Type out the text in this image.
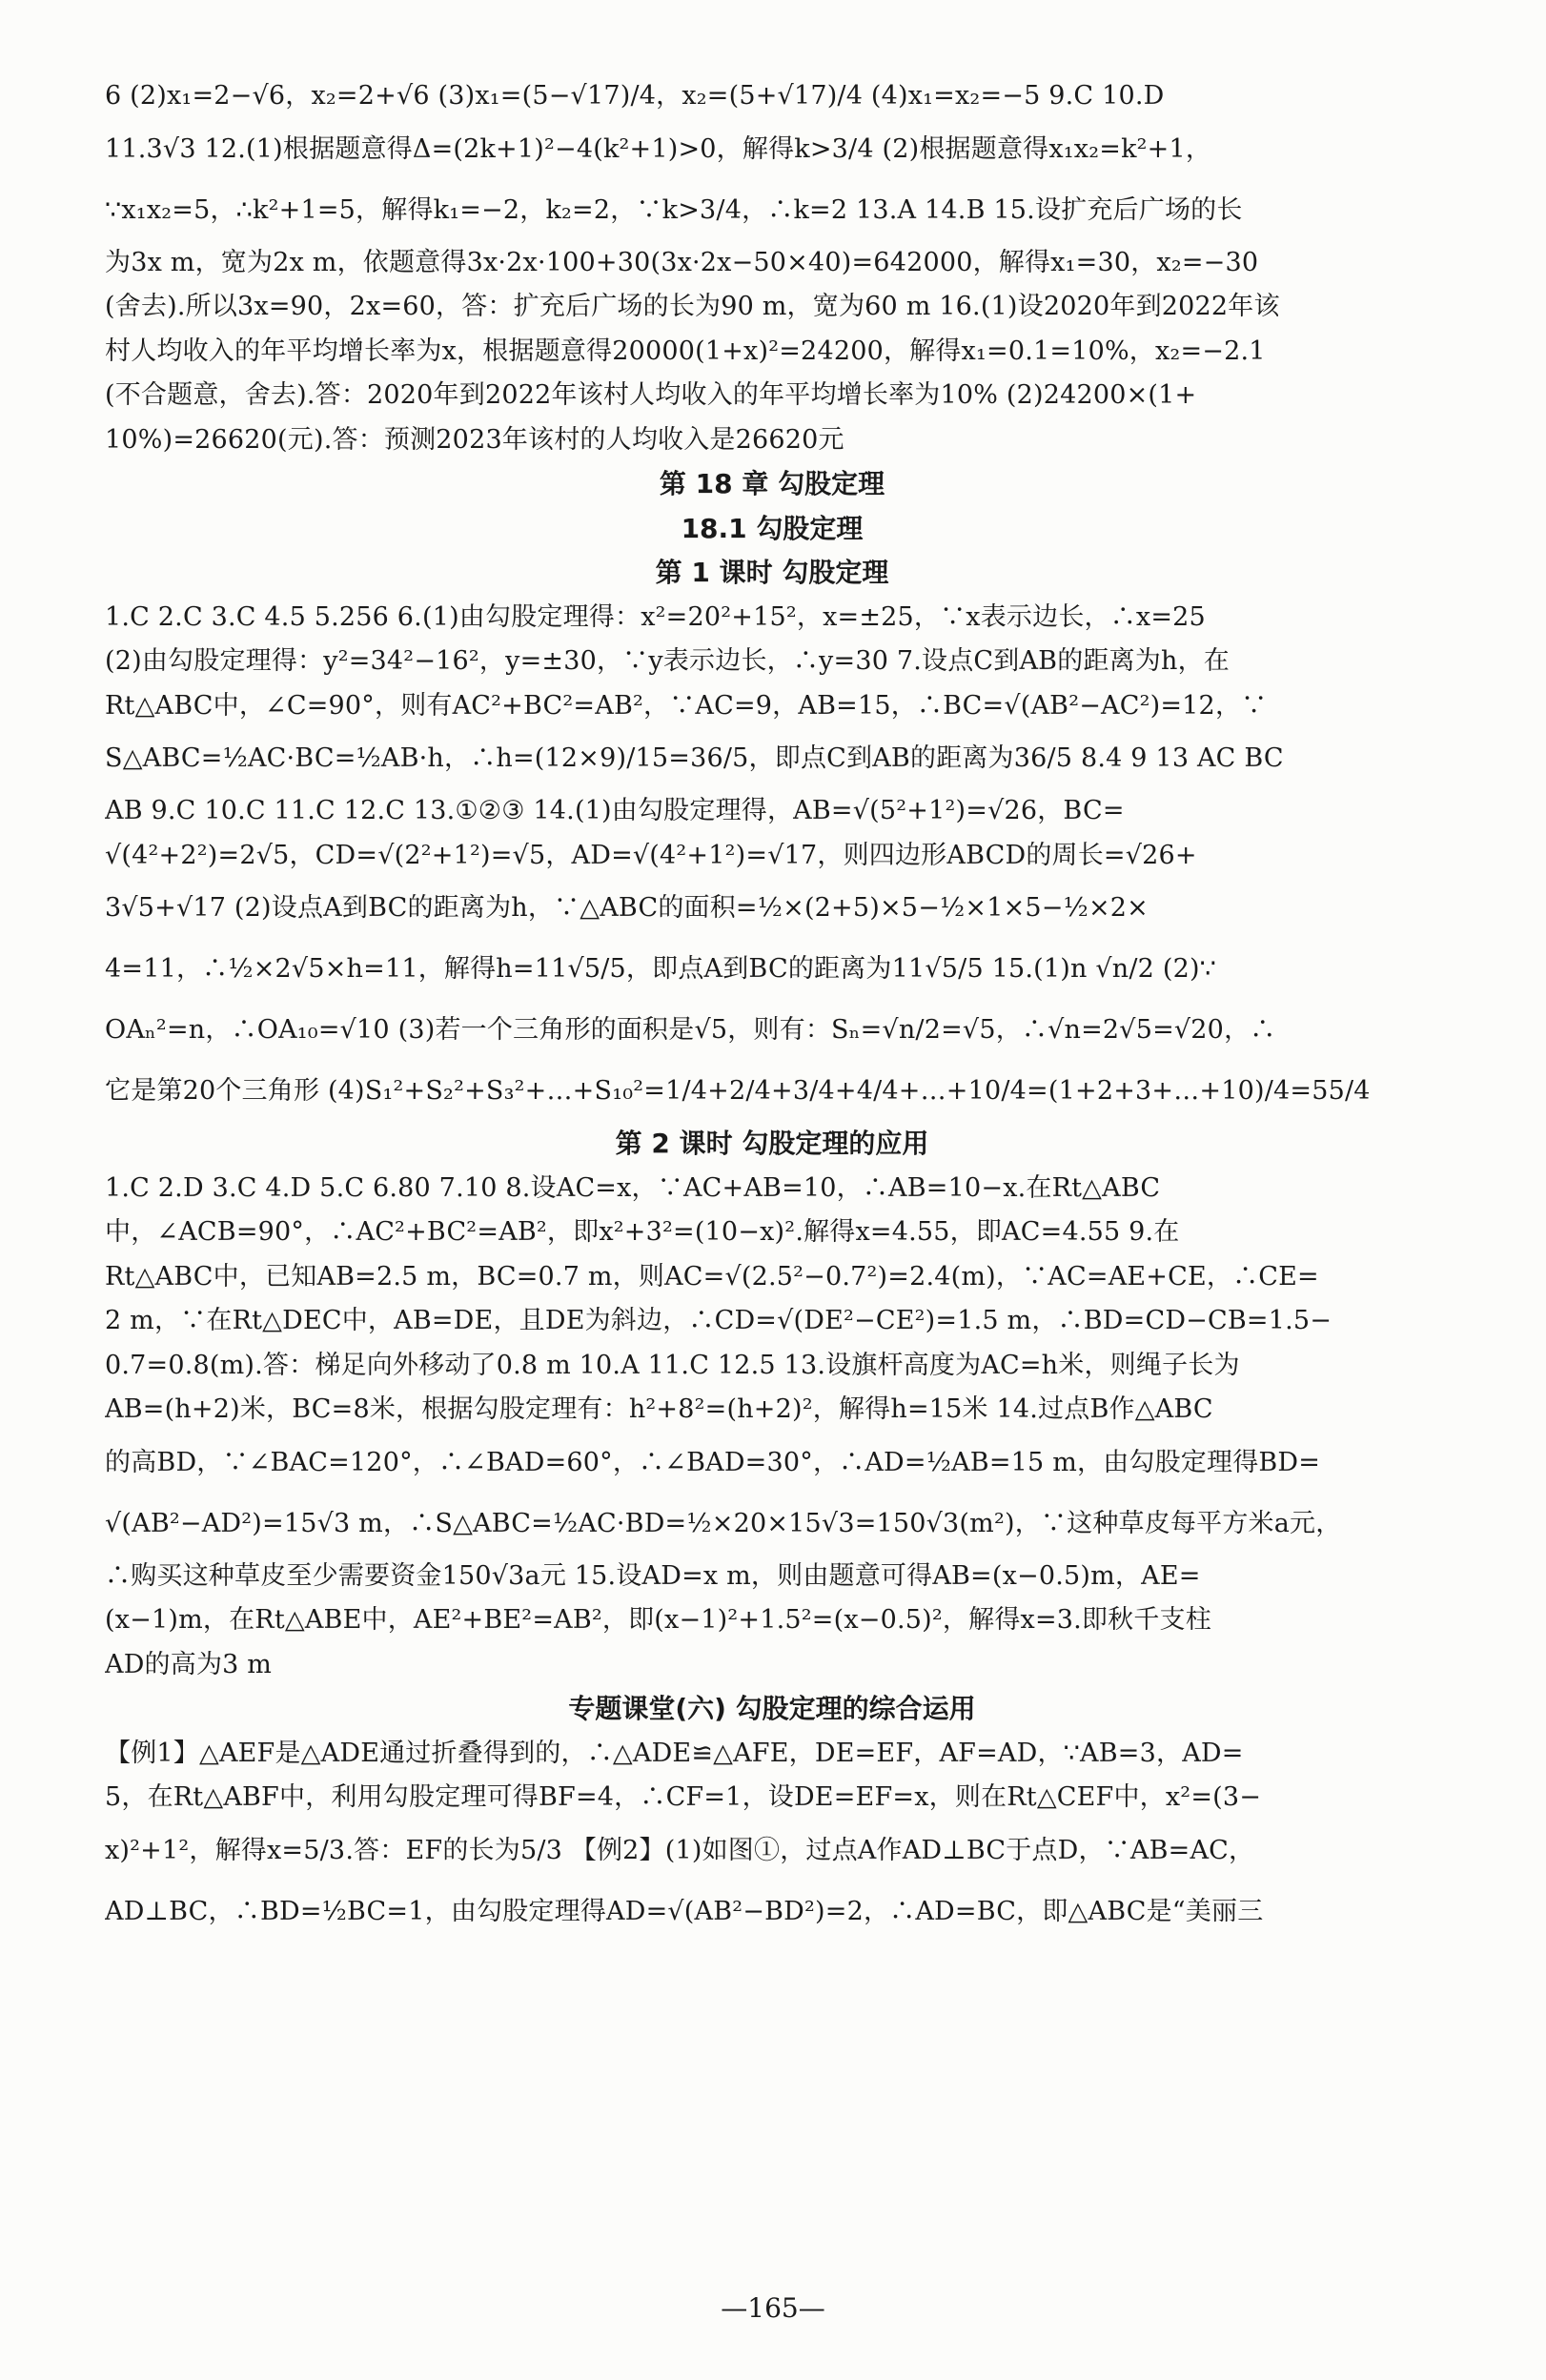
6 (2)x₁=2−√6，x₂=2+√6 (3)x₁=(5−√17)/4，x₂=(5+√17)/4 (4)x₁=x₂=−5 9.C 10.D
11.3√3 12.(1)根据题意得Δ=(2k+1)²−4(k²+1)>0，解得k>3/4 (2)根据题意得x₁x₂=k²+1，
∵x₁x₂=5，∴k²+1=5，解得k₁=−2，k₂=2，∵k>3/4，∴k=2 13.A 14.B 15.设扩充后广场的长
为3x m，宽为2x m，依题意得3x·2x·100+30(3x·2x−50×40)=642000，解得x₁=30，x₂=−30
(舍去).所以3x=90，2x=60，答：扩充后广场的长为90 m，宽为60 m 16.(1)设2020年到2022年该
村人均收入的年平均增长率为x，根据题意得20000(1+x)²=24200，解得x₁=0.1=10%，x₂=−2.1
(不合题意，舍去).答：2020年到2022年该村人均收入的年平均增长率为10% (2)24200×(1+
10%)=26620(元).答：预测2023年该村的人均收入是26620元
第 18 章 勾股定理
18.1 勾股定理
第 1 课时 勾股定理
1.C 2.C 3.C 4.5 5.256 6.(1)由勾股定理得：x²=20²+15²，x=±25，∵x表示边长，∴x=25
(2)由勾股定理得：y²=34²−16²，y=±30，∵y表示边长，∴y=30 7.设点C到AB的距离为h，在
Rt△ABC中，∠C=90°，则有AC²+BC²=AB²，∵AC=9，AB=15，∴BC=√(AB²−AC²)=12，∵
S△ABC=½AC·BC=½AB·h，∴h=(12×9)/15=36/5，即点C到AB的距离为36/5 8.4 9 13 AC BC
AB 9.C 10.C 11.C 12.C 13.①②③ 14.(1)由勾股定理得，AB=√(5²+1²)=√26，BC=
√(4²+2²)=2√5，CD=√(2²+1²)=√5，AD=√(4²+1²)=√17，则四边形ABCD的周长=√26+
3√5+√17 (2)设点A到BC的距离为h，∵△ABC的面积=½×(2+5)×5−½×1×5−½×2×
4=11，∴½×2√5×h=11，解得h=11√5/5，即点A到BC的距离为11√5/5 15.(1)n √n/2 (2)∵
OAₙ²=n，∴OA₁₀=√10 (3)若一个三角形的面积是√5，则有：Sₙ=√n/2=√5，∴√n=2√5=√20，∴
它是第20个三角形 (4)S₁²+S₂²+S₃²+…+S₁₀²=1/4+2/4+3/4+4/4+…+10/4=(1+2+3+…+10)/4=55/4
第 2 课时 勾股定理的应用
1.C 2.D 3.C 4.D 5.C 6.80 7.10 8.设AC=x，∵AC+AB=10，∴AB=10−x.在Rt△ABC
中，∠ACB=90°，∴AC²+BC²=AB²，即x²+3²=(10−x)².解得x=4.55，即AC=4.55 9.在
Rt△ABC中，已知AB=2.5 m，BC=0.7 m，则AC=√(2.5²−0.7²)=2.4(m)，∵AC=AE+CE，∴CE=
2 m，∵在Rt△DEC中，AB=DE，且DE为斜边，∴CD=√(DE²−CE²)=1.5 m，∴BD=CD−CB=1.5−
0.7=0.8(m).答：梯足向外移动了0.8 m 10.A 11.C 12.5 13.设旗杆高度为AC=h米，则绳子长为
AB=(h+2)米，BC=8米，根据勾股定理有：h²+8²=(h+2)²，解得h=15米 14.过点B作△ABC
的高BD，∵∠BAC=120°，∴∠BAD=60°，∴∠BAD=30°，∴AD=½AB=15 m，由勾股定理得BD=
√(AB²−AD²)=15√3 m，∴S△ABC=½AC·BD=½×20×15√3=150√3(m²)，∵这种草皮每平方米a元，
∴购买这种草皮至少需要资金150√3a元 15.设AD=x m，则由题意可得AB=(x−0.5)m，AE=
(x−1)m，在Rt△ABE中，AE²+BE²=AB²，即(x−1)²+1.5²=(x−0.5)²，解得x=3.即秋千支柱
AD的高为3 m
专题课堂(六) 勾股定理的综合运用
【例1】△AEF是△ADE通过折叠得到的，∴△ADE≌△AFE，DE=EF，AF=AD，∵AB=3，AD=
5，在Rt△ABF中，利用勾股定理可得BF=4，∴CF=1，设DE=EF=x，则在Rt△CEF中，x²=(3−
x)²+1²，解得x=5/3.答：EF的长为5/3 【例2】(1)如图①，过点A作AD⊥BC于点D，∵AB=AC，
AD⊥BC，∴BD=½BC=1，由勾股定理得AD=√(AB²−BD²)=2，∴AD=BC，即△ABC是“美丽三
—165—
